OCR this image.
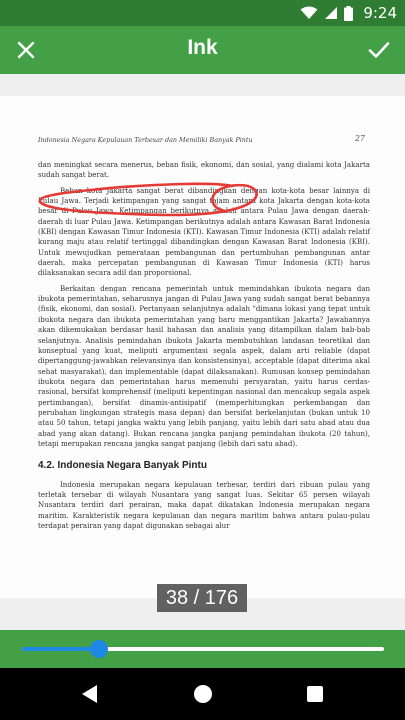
9:24
Ink
Indonesia Negara Kepulauan Terbesar dan Memiliki Banyak Pintu	27

dan meningkat secara menerus, beban fisik, ekonomi, dan sosial, yang dialami kota Jakarta sudah sangat berat.

Beban kota Jakarta sangat berat dibandingkan dengan kota-kota besar lainnya di Pulau Jawa. Terjadi ketimpangan yang sangat tajam antara kota Jakarta dengan kota-kota besar di Pulau Jawa. Ketimpangan berikutnya adalah antara Pulau Jawa dengan daerah-daerah di luar Pulau Jawa. Ketimpangan berikutnya adalah antara Kawasan Barat Indonesia (KBI) dengan Kawasan Timur Indonesia (KTI). Kawasan Timur Indonesia (KTI) adalah relatif kurang maju atau relatif tertinggal dibandingkan dengan Kawasan Barat Indonesia (KBI). Untuk mewujudkan pemerataan pembangunan dan pertumbuhan pembangunan antar daerah, maka percepatan pembangunan di Kawasan Timur Indonesia (KTI) harus dilaksanakan secara adil dan proporsional.

Berkaitan dengan rencana pemerintah untuk memindahkan ibukota negara dan ibukota pemerintahan, seharusnya jangan di Pulau Jawa yang sudah sangat berat bebannya (fisik, ekonomi, dan sosial). Pertanyaan selanjutnya adalah "dimana lokasi yang tepat untuk ibukota negara dan ibukota pemerintahan yang baru menggantikan Jakarta? Jawabannya akan dikemukakan berdasar hasil bahasan dan analisis yang ditampilkan dalam bab-bab selanjutnya. Analisis pemindahan ibukota Jakarta membutuhkan landasan teoretikal dan konseptual yang kuat, meliputi argumentasi segala aspek, dalam arti reliable (dapat dipertanggung-jawabkan relevansinya dan konsistensinya), acceptable (dapat diterima akal sehat masyarakat), dan implementable (dapat dilaksanakan). Rumusan konsep pemindahan ibukota negara dan pemerintahan harus memenuhi persyaratan, yaitu harus cerdas-rasional, bersifat komprehensif (meliputi kepentingan nasional dan mencakup segala aspek pertimbangan), bersifat dinamis-antisipatif (memperhitungkan perkembangan dan perubahan lingkungan strategis masa depan) dan bersifat berkelanjutan (bukan untuk 10 atau 50 tahun, tetapi jangka waktu yang lebih panjang, yaitu lebih dari satu abad atau dua abad yang akan datang). Bukan rencana jangka panjang pemindahan ibukota (20 tahun), tetapi merupakan rencana jangka sangat panjang (lebih dari satu abad).

4.2. Indonesia Negara Banyak Pintu

Indonesia merupakan negara kepulauan terbesar, terdiri dari ribuan pulau yang terletak tersebar di wilayah Nusantara yang sangat luas. Sekitar 65 persen wilayah Nusantara terdiri dari perairan, maka dapat dikatakan Indonesia merupakan negara maritim. Karakteristik negara kepulauan dan negara maritim bahwa antara pulau-pulau terdapat perairan yang dapat digunakan sebagai alur

38 / 176
